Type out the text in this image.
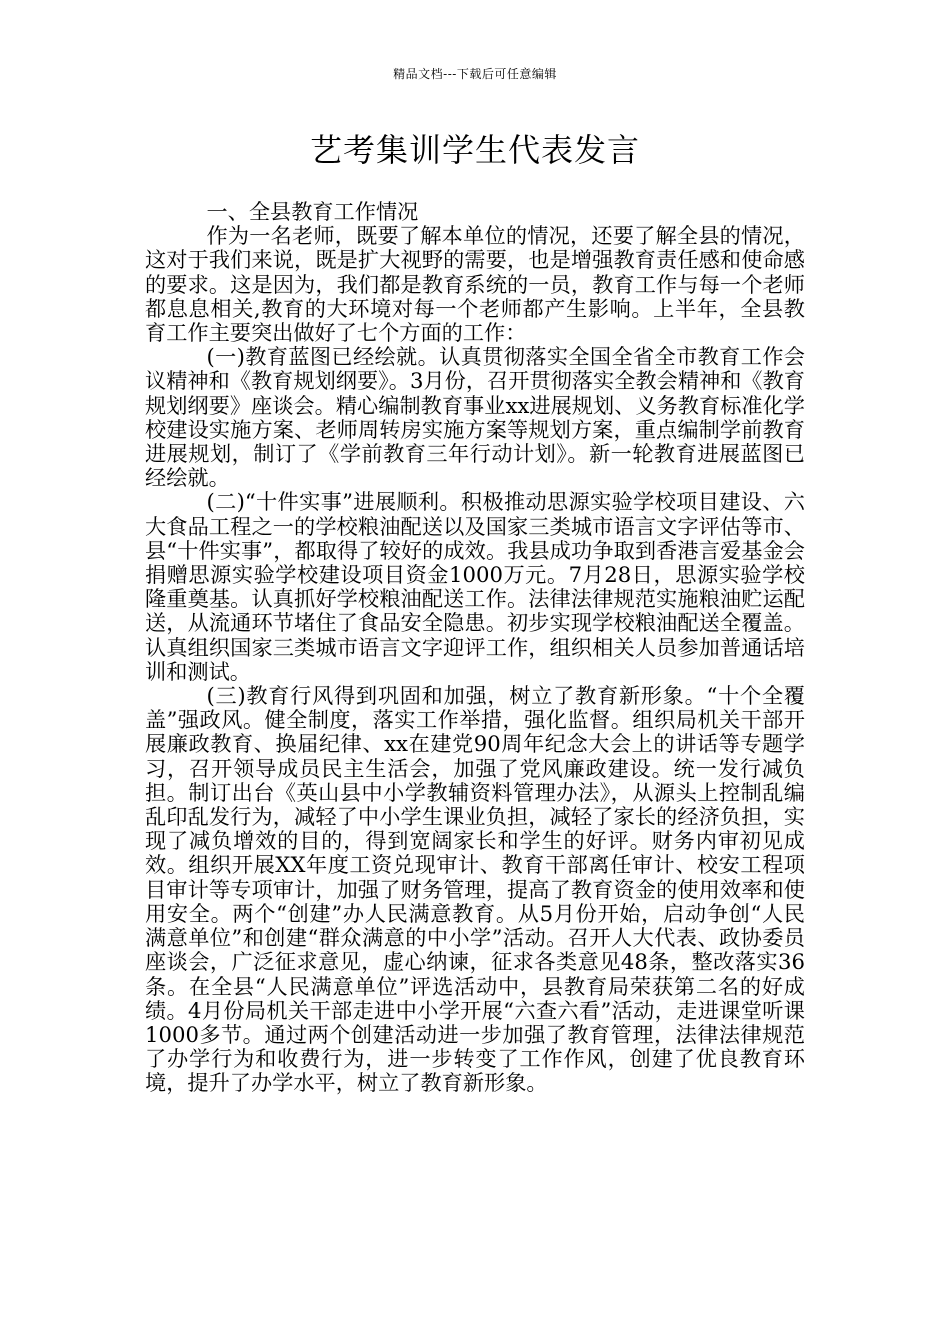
精品文档---下载后可任意编辑
艺考集训学生代表发言

一、全县教育工作情况

作为一名老师，既要了解本单位的情况，还要了解全县的情况，这对于我们来说，既是扩大视野的需要，也是增强教育责任感和使命感的要求。这是因为，我们都是教育系统的一员，教育工作与每一个老师都息息相关,教育的大环境对每一个老师都产生影响。上半年，全县教育工作主要突出做好了七个方面的工作：

(一)教育蓝图已经绘就。认真贯彻落实全国全省全市教育工作会议精神和《教育规划纲要》。3月份，召开贯彻落实全教会精神和《教育规划纲要》座谈会。精心编制教育事业xx进展规划、义务教育标准化学校建设实施方案、老师周转房实施方案等规划方案，重点编制学前教育进展规划，制订了《学前教育三年行动计划》。新一轮教育进展蓝图已经绘就。

(二)“十件实事”进展顺利。积极推动思源实验学校项目建设、六大食品工程之一的学校粮油配送以及国家三类城市语言文字评估等市、县“十件实事”，都取得了较好的成效。我县成功争取到香港言爱基金会捐赠思源实验学校建设项目资金1000万元。7月28日，思源实验学校隆重奠基。认真抓好学校粮油配送工作。法律法律规范实施粮油贮运配送，从流通环节堵住了食品安全隐患。初步实现学校粮油配送全覆盖。认真组织国家三类城市语言文字迎评工作，组织相关人员参加普通话培训和测试。

(三)教育行风得到巩固和加强，树立了教育新形象。“十个全覆盖”强政风。健全制度，落实工作举措，强化监督。组织局机关干部开展廉政教育、换届纪律、xx在建党90周年纪念大会上的讲话等专题学习，召开领导成员民主生活会，加强了党风廉政建设。统一发行减负担。制订出台《英山县中小学教辅资料管理办法》，从源头上控制乱编乱印乱发行为，减轻了中小学生课业负担，减轻了家长的经济负担，实现了减负增效的目的，得到宽阔家长和学生的好评。财务内审初见成效。组织开展XX年度工资兑现审计、教育干部离任审计、校安工程项目审计等专项审计，加强了财务管理，提高了教育资金的使用效率和使用安全。两个“创建”办人民满意教育。从5月份开始，启动争创“人民满意单位”和创建“群众满意的中小学”活动。召开人大代表、政协委员座谈会，广泛征求意见，虚心纳谏，征求各类意见48条，整改落实36条。在全县“人民满意单位”评选活动中，县教育局荣获第二名的好成绩。4月份局机关干部走进中小学开展“六查六看”活动，走进课堂听课1000多节。通过两个创建活动进一步加强了教育管理，法律法律规范了办学行为和收费行为，进一步转变了工作作风，创建了优良教育环境，提升了办学水平，树立了教育新形象。
